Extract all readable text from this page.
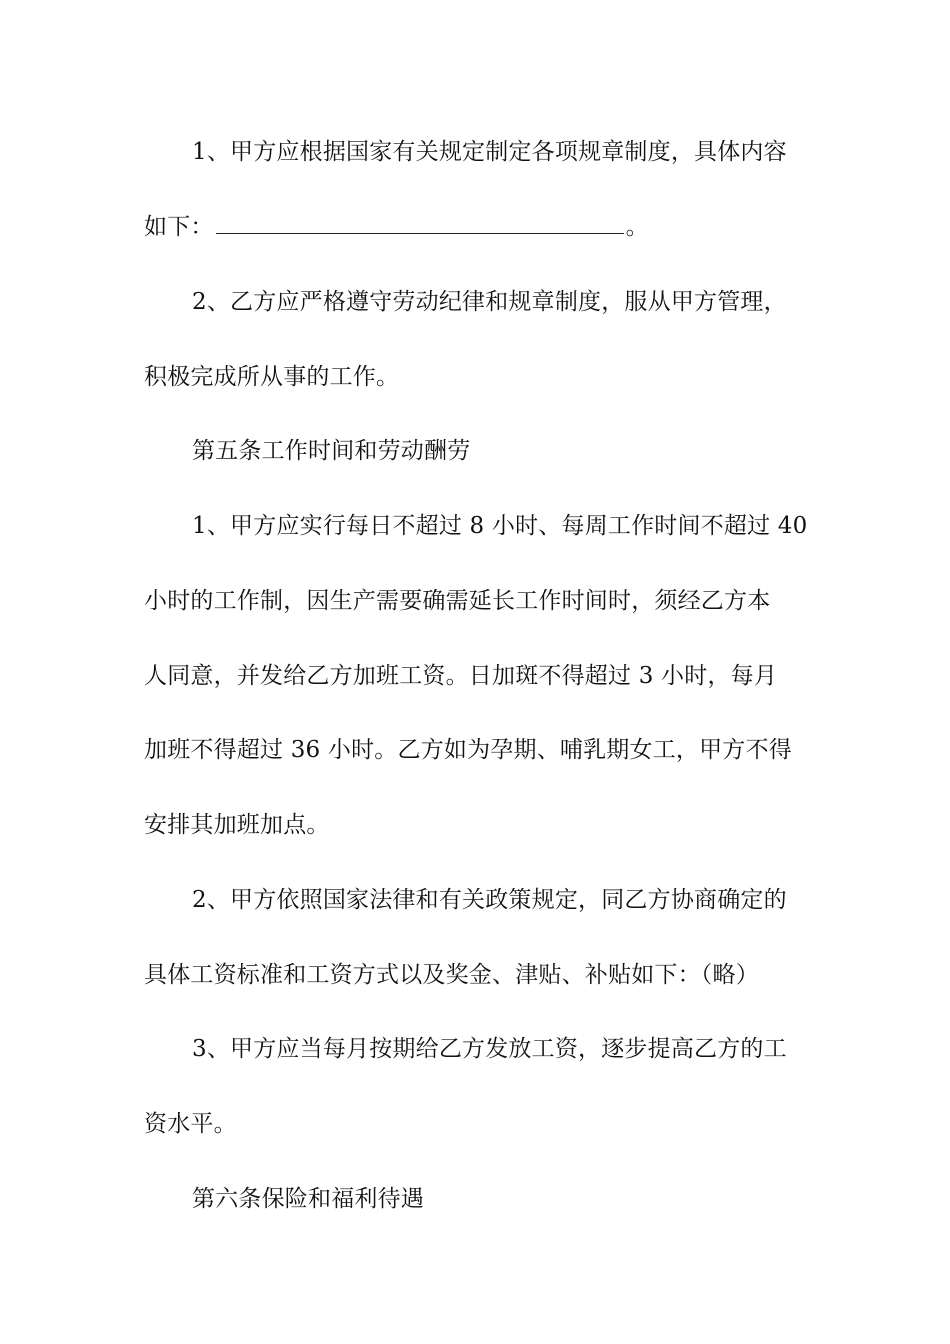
1、甲方应根据国家有关规定制定各项规章制度，具体内容
如下：	。
2、乙方应严格遵守劳动纪律和规章制度，服从甲方管理，
积极完成所从事的工作。
第五条工作时间和劳动酬劳
1、甲方应实行每日不超过 8 小时、每周工作时间不超过 40
小时的工作制，因生产需要确需延长工作时间时，须经乙方本
人同意，并发给乙方加班工资。日加斑不得超过 3 小时，每月
加班不得超过 36 小时。乙方如为孕期、哺乳期女工，甲方不得
安排其加班加点。
2、甲方依照国家法律和有关政策规定，同乙方协商确定的
具体工资标准和工资方式以及奖金、津贴、补贴如下：（略）
3、甲方应当每月按期给乙方发放工资，逐步提高乙方的工
资水平。
第六条保险和福利待遇
